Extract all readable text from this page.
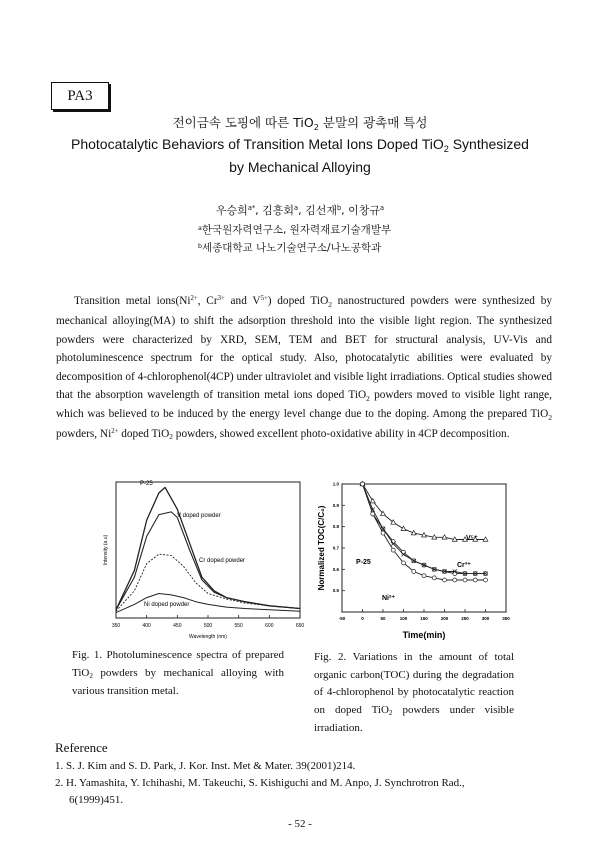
PA3
전이금속 도핑에 따른 TiO$_2$ 분말의 광촉매 특성
Photocatalytic Behaviors of Transition Metal Ions Doped TiO$_2$ Synthesized
by Mechanical Alloying
우승희$^{a*}$, 김흥회$^a$, 김선재$^b$, 이창규$^a$
$^a$한국원자력연구소, 원자력재료기술개발부
$^b$세종대학교 나노기술연구소/나노공학과

Transition metal $ions(Ni^{2+}$, $Cr^{3+}$ and $V^{5+}$) doped TiO$_2$ nanostructured powders were synthesized by mechanical alloying(MA) to shift the adsorption threshold into the visible light region. The synthesized powders were characterized by XRD, SEM, TEM and BET for structural analysis, UV-Vis and photoluminescence spectrum for the optical study. Also, photocatalytic abilities were evaluated by decomposition of 4-chlorophenol(4CP) under ultraviolet and visible light irradiations. Optical studies showed that the absorption wavelength of transition metal ions doped TiO$_2$ powders moved to visible light range, which was believed to be induced by the energy level change due to the doping. Among the prepared TiO$_2$ powders, $Ni^{2+}$ doped TiO$_2$ powders, showed excellent photo-oxidative ability in 4CP decomposition.

350	400	450	500	550	600	650
P-25
V doped powder
Cr doped powder
Ni doped powder
Wavelength (nm)
Intensity (a.u)
-50	0	50	100	150	200	250	300	350
0.5
0.6
0.7
0.8
0.9
1.0
V⁵⁺
P-25	Cr³⁺
Ni²⁺
Time(min)
Normalized TOC(C/C₀)
Fig. 1. Photoluminescence spectra of prepared TiO$_2$ powders by mechanical alloying with various transition metal.
Fig. 2. Variations in the amount of total organic carbon(TOC) during the degradation of 4-chlorophenol by photocatalytic reaction on doped TiO$_2$ powders under visible irradiation.
Reference
1. S. J. Kim and S. D. Park, J. Kor. Inst. Met & Mater. 39(2001)214.
2. H. Yamashita, Y. Ichihashi, M. Takeuchi, S. Kishiguchi and M. Anpo, J. Synchrotron Rad.,
6(1999)451.
- 52 -
